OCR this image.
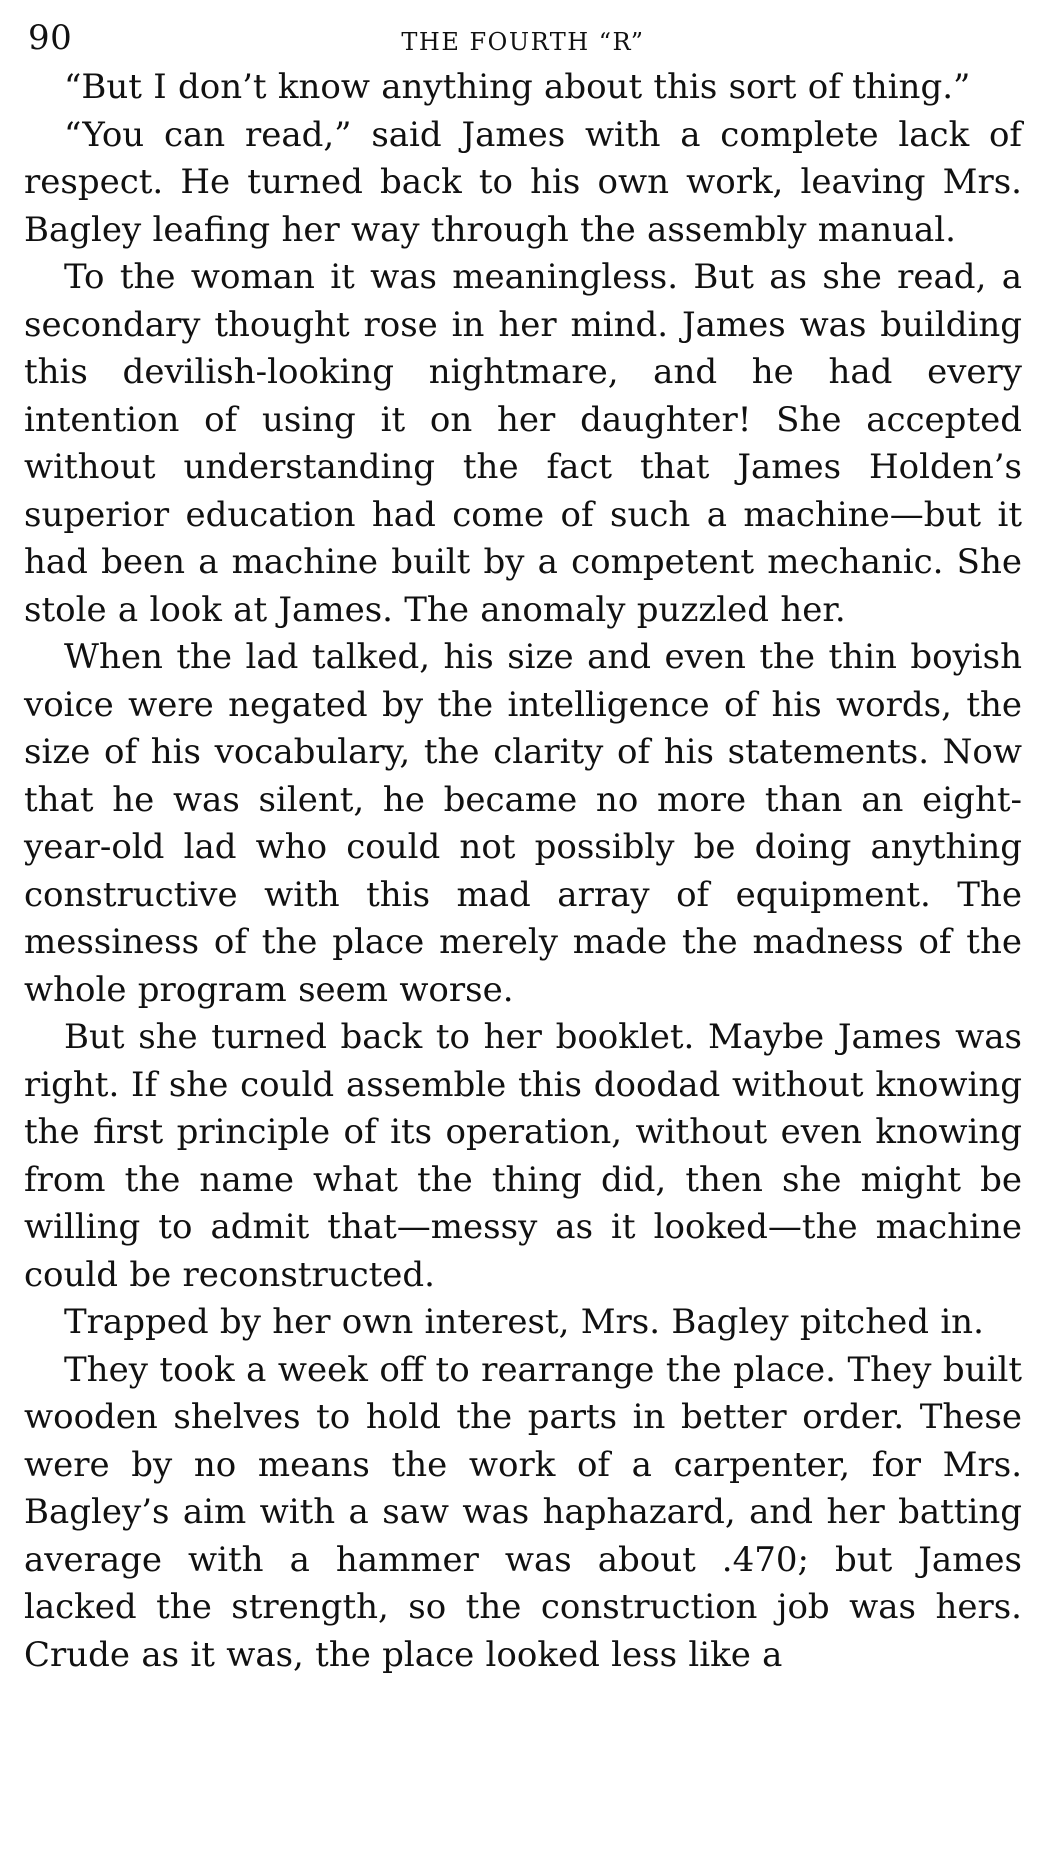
90	THE FOURTH “R”

“But I don’t know anything about this sort of thing.”

“You can read,” said James with a complete lack of respect. He turned back to his own work, leaving Mrs. Bagley leafing her way through the assembly manual.

To the woman it was meaningless. But as she read, a secondary thought rose in her mind. James was building this devilish-looking nightmare, and he had every intention of using it on her daughter! She accepted without understanding the fact that James Holden’s superior education had come of such a machine—but it had been a machine built by a competent mechanic. She stole a look at James. The anomaly puzzled her.

When the lad talked, his size and even the thin boyish voice were negated by the intelligence of his words, the size of his vocabulary, the clarity of his statements. Now that he was silent, he became no more than an eight-year-old lad who could not possibly be doing anything constructive with this mad array of equipment. The messiness of the place merely made the madness of the whole program seem worse.

But she turned back to her booklet. Maybe James was right. If she could assemble this doodad without knowing the first principle of its operation, without even knowing from the name what the thing did, then she might be willing to admit that—messy as it looked—the machine could be reconstructed.

Trapped by her own interest, Mrs. Bagley pitched in.

They took a week off to rearrange the place. They built wooden shelves to hold the parts in better order. These were by no means the work of a carpenter, for Mrs. Bagley’s aim with a saw was haphazard, and her batting average with a hammer was about .470; but James lacked the strength, so the construction job was hers. Crude as it was, the place looked less like a
